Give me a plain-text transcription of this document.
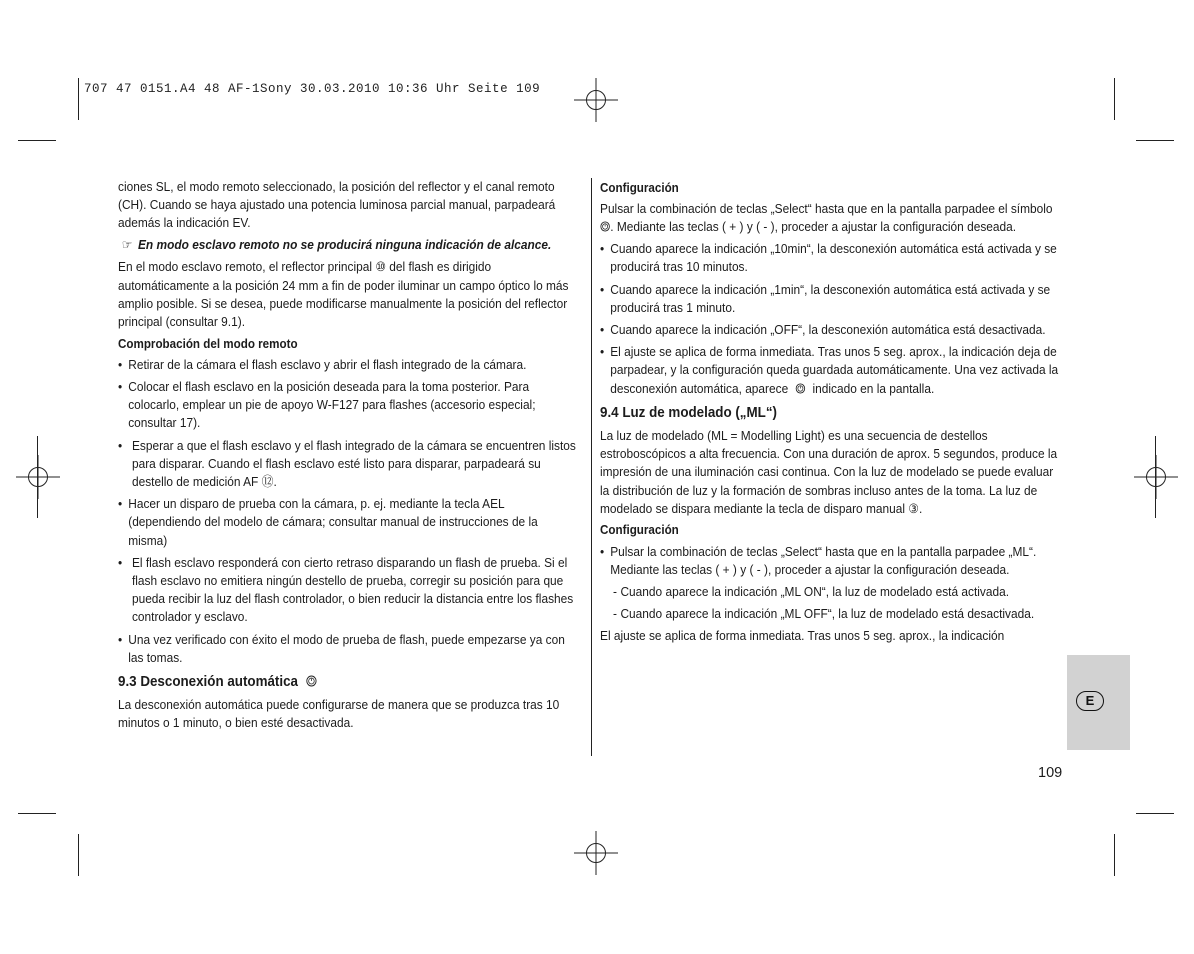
707 47 0151.A4 48 AF-1Sony 30.03.2010 10:36 Uhr Seite 109

ciones SL, el modo remoto seleccionado, la posición del reflector y el canal remoto (CH). Cuando se haya ajustado una potencia luminosa parcial manual, parpadeará además la indicación EV.

☞ En modo esclavo remoto no se producirá ninguna indicación de alcance.

En el modo esclavo remoto, el reflector principal ⑩ del flash es dirigido automáticamente a la posición 24 mm a fin de poder iluminar un campo óptico lo más amplio posible. Si se desea, puede modificarse manualmente la posición del reflector principal (consultar 9.1).

Comprobación del modo remoto

• Retirar de la cámara el flash esclavo y abrir el flash integrado de la cámara.
• Colocar el flash esclavo en la posición deseada para la toma posterior. Para colocarlo, emplear un pie de apoyo W-F127 para flashes (accesorio especial; consultar 17).
• Esperar a que el flash esclavo y el flash integrado de la cámara se encuentren listos para disparar. Cuando el flash esclavo esté listo para disparar, parpadeará su destello de medición AF ⑫.
• Hacer un disparo de prueba con la cámara, p. ej. mediante la tecla AEL (dependiendo del modelo de cámara; consultar manual de instrucciones de la misma)
• El flash esclavo responderá con cierto retraso disparando un flash de prueba. Si el flash esclavo no emitiera ningún destello de prueba, corregir su posición para que pueda recibir la luz del flash controlador, o bien reducir la distancia entre los flashes controlador y esclavo.
• Una vez verificado con éxito el modo de prueba de flash, puede empezarse ya con las tomas.

9.3 Desconexión automática

La desconexión automática puede configurarse de manera que se produzca tras 10 minutos o 1 minuto, o bien esté desactivada.

Configuración

Pulsar la combinación de teclas „Select“ hasta que en la pantalla parpadee el símbolo . Mediante las teclas ( + ) y ( - ), proceder a ajustar la configuración deseada.

• Cuando aparece la indicación „10min“, la desconexión automática está activada y se producirá tras 10 minutos.
• Cuando aparece la indicación „1min“, la desconexión automática está activada y se producirá tras 1 minuto.
• Cuando aparece la indicación „OFF“, la desconexión automática está desactivada.
• El ajuste se aplica de forma inmediata. Tras unos 5 seg. aprox., la indicación deja de parpadear, y la configuración queda guardada automáticamente. Una vez activada la desconexión automática, aparece indicado en la pantalla.

9.4 Luz de modelado („ML“)

La luz de modelado (ML = Modelling Light) es una secuencia de destellos estroboscópicos a alta frecuencia. Con una duración de aprox. 5 segundos, produce la impresión de una iluminación casi continua. Con la luz de modelado se puede evaluar la distribución de luz y la formación de sombras incluso antes de la toma. La luz de modelado se dispara mediante la tecla de disparo manual ③.

Configuración

• Pulsar la combinación de teclas „Select“ hasta que en la pantalla parpadee „ML“. Mediante las teclas ( + ) y ( - ), proceder a ajustar la configuración deseada.
- Cuando aparece la indicación „ML ON“, la luz de modelado está activada.
- Cuando aparece la indicación „ML OFF“, la luz de modelado está desactivada.

El ajuste se aplica de forma inmediata. Tras unos 5 seg. aprox., la indicación

E
109
